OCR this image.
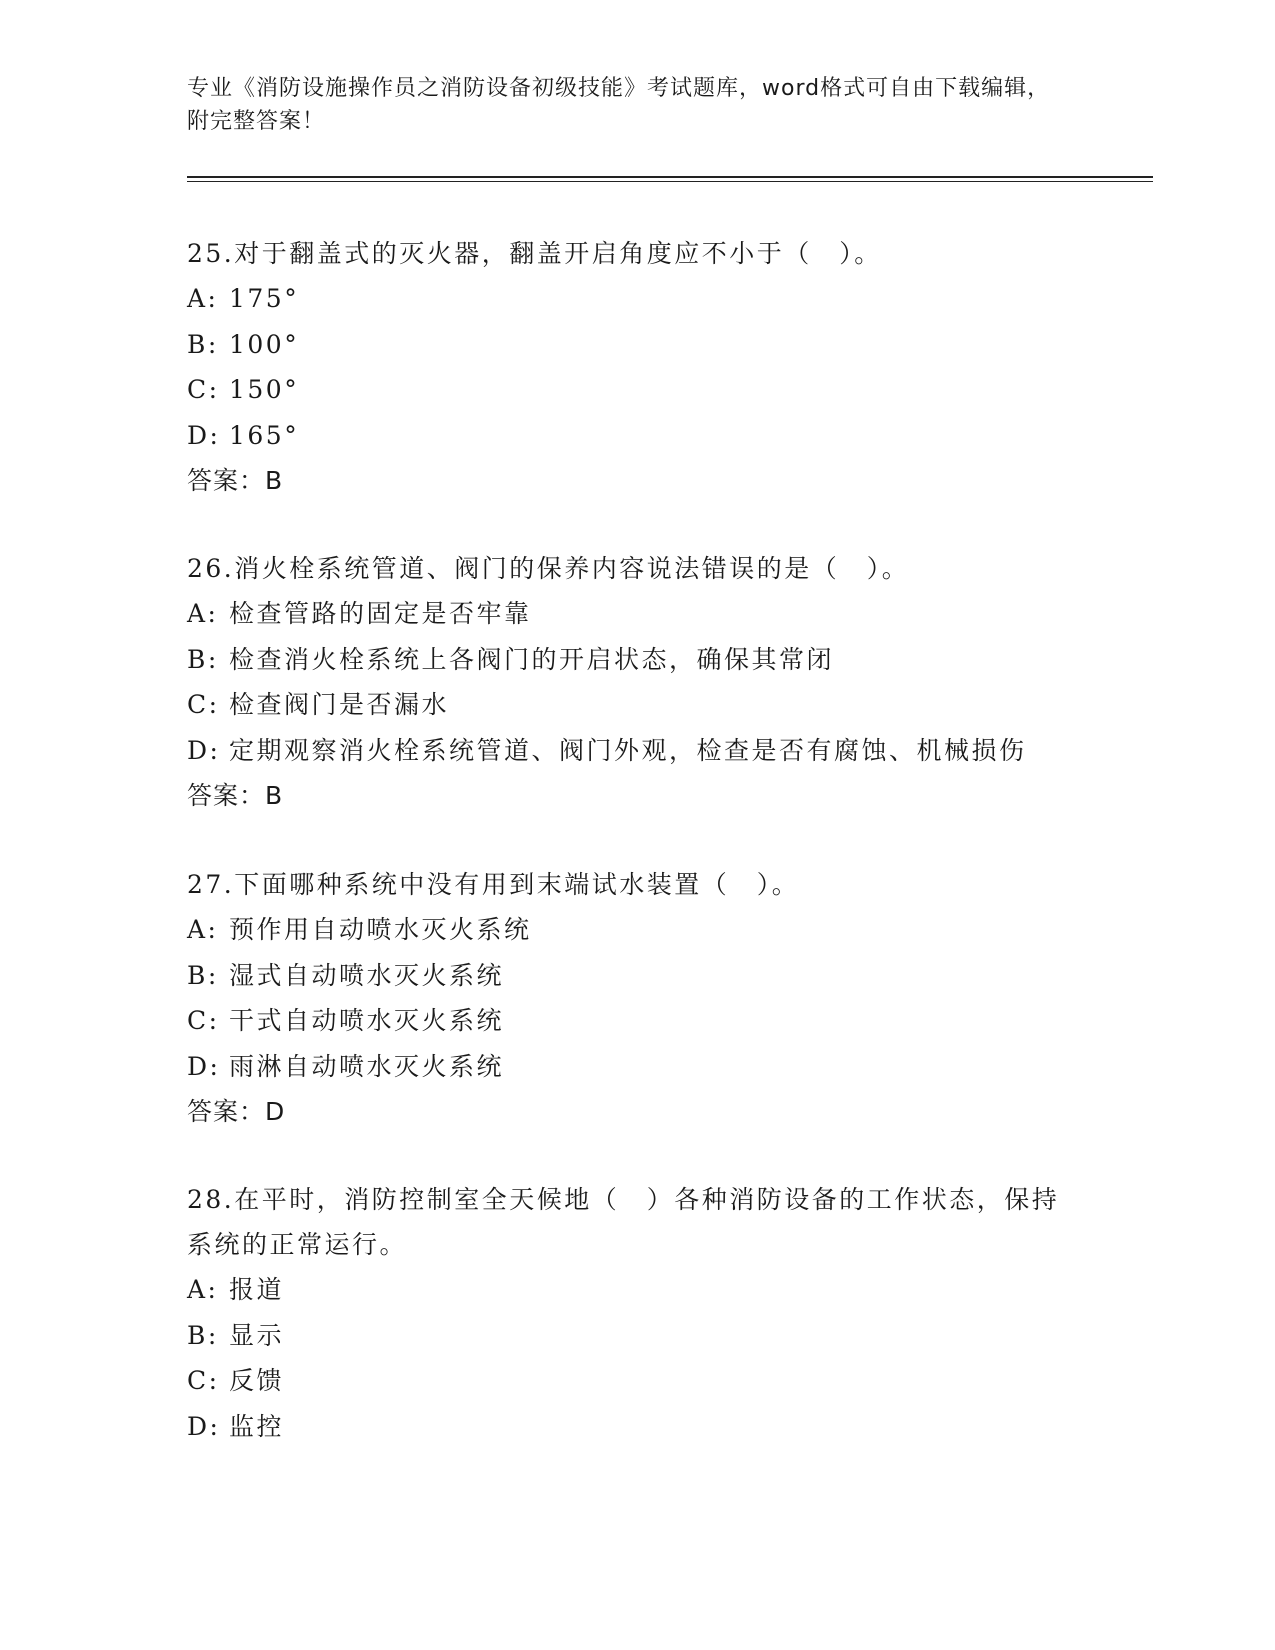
专业《消防设施操作员之消防设备初级技能》考试题库，word格式可自由下载编辑，附完整答案！
25.对于翻盖式的灭火器，翻盖开启角度应不小于（　）。
A: 175°
B: 100°
C: 150°
D: 165°
答案：B
26.消火栓系统管道、阀门的保养内容说法错误的是（　）。
A: 检查管路的固定是否牢靠
B: 检查消火栓系统上各阀门的开启状态，确保其常闭
C: 检查阀门是否漏水
D: 定期观察消火栓系统管道、阀门外观，检查是否有腐蚀、机械损伤
答案：B
27.下面哪种系统中没有用到末端试水装置（　）。
A: 预作用自动喷水灭火系统
B: 湿式自动喷水灭火系统
C: 干式自动喷水灭火系统
D: 雨淋自动喷水灭火系统
答案：D
28.在平时，消防控制室全天候地（　）各种消防设备的工作状态，保持系统的正常运行。
A: 报道
B: 显示
C: 反馈
D: 监控
